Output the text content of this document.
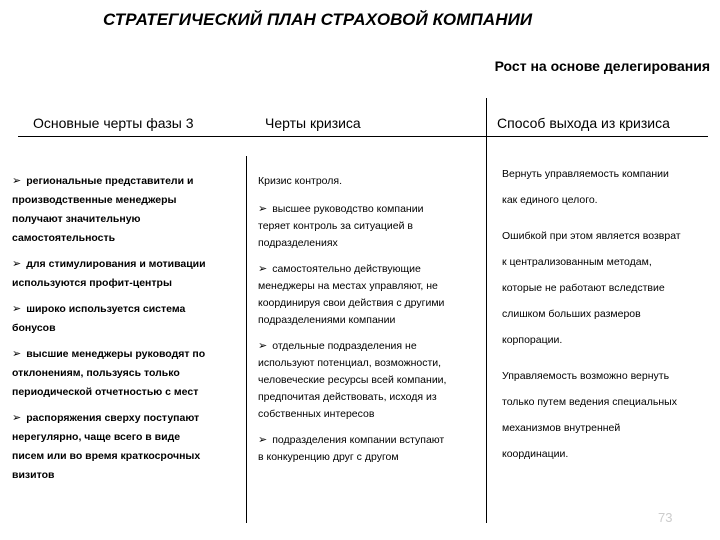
СТРАТЕГИЧЕСКИЙ ПЛАН СТРАХОВОЙ КОМПАНИИ
Рост на основе делегирования
Основные черты фазы 3	Черты кризиса	Способ выхода из кризиса
➢ региональные представители и
производственные менеджеры
получают значительную
самостоятельность
➢ для стимулирования и мотивации
используются профит-центры
➢ широко используется система
бонусов
➢ высшие менеджеры руководят по
отклонениям, пользуясь только
периодической отчетностью с мест
➢ распоряжения сверху поступают
нерегулярно, чаще всего в виде
писем или во время краткосрочных
визитов
Кризис контроля.
➢ высшее руководство компании
теряет контроль за ситуацией в
подразделениях
➢ самостоятельно действующие
менеджеры на местах управляют, не
координируя свои действия с другими
подразделениями компании
➢ отдельные подразделения не
используют потенциал, возможности,
человеческие ресурсы всей компании,
предпочитая действовать, исходя из
собственных интересов
➢ подразделения компании вступают
в конкуренцию друг с другом
Вернуть управляемость компании
как единого целого.
Ошибкой при этом является возврат
к централизованным методам,
которые не работают вследствие
слишком больших размеров
корпорации.
Управляемость возможно вернуть
только путем ведения специальных
механизмов внутренней
координации.
73
